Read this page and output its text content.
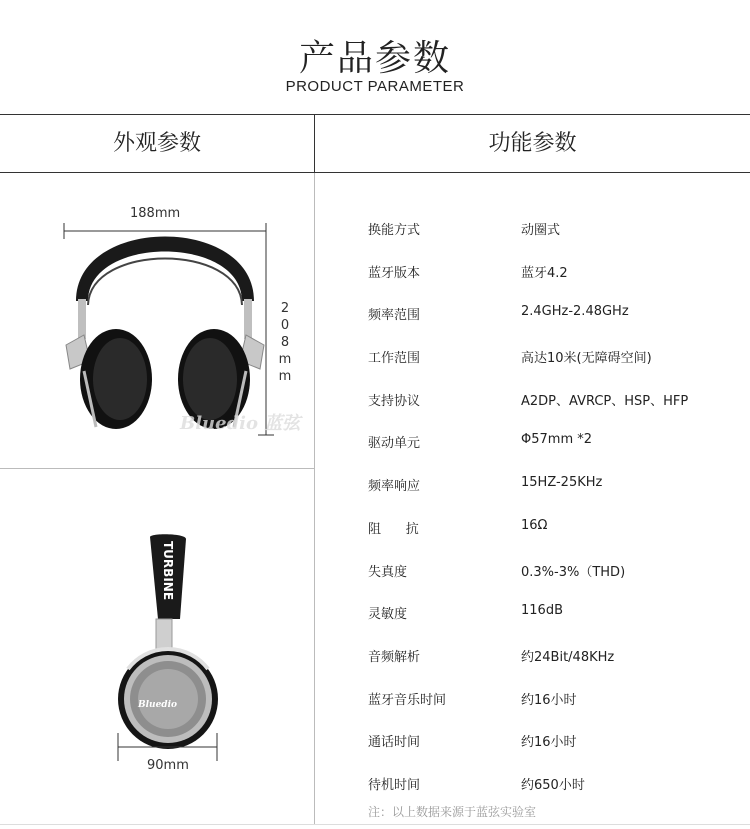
产品参数
PRODUCT PARAMETER
外观参数	功能参数
Bluedio 蓝弦
188mm
2
0
8
m
m
TURBINE
Bluedio
90mm
换能方式	动圈式
蓝牙版本	蓝牙4.2
频率范围	2.4GHz-2.48GHz
工作范围	高达10米(无障碍空间)
支持协议	A2DP、AVRCP、HSP、HFP
驱动单元	Φ57mm *2
频率响应	15HZ-25KHz
阻      抗	16Ω
失真度	0.3%-3%（THD)
灵敏度	116dB
音频解析	约24Bit/48KHz
蓝牙音乐时间	约16小时
通话时间	约16小时
待机时间	约650小时
注：以上数据来源于蓝弦实验室
